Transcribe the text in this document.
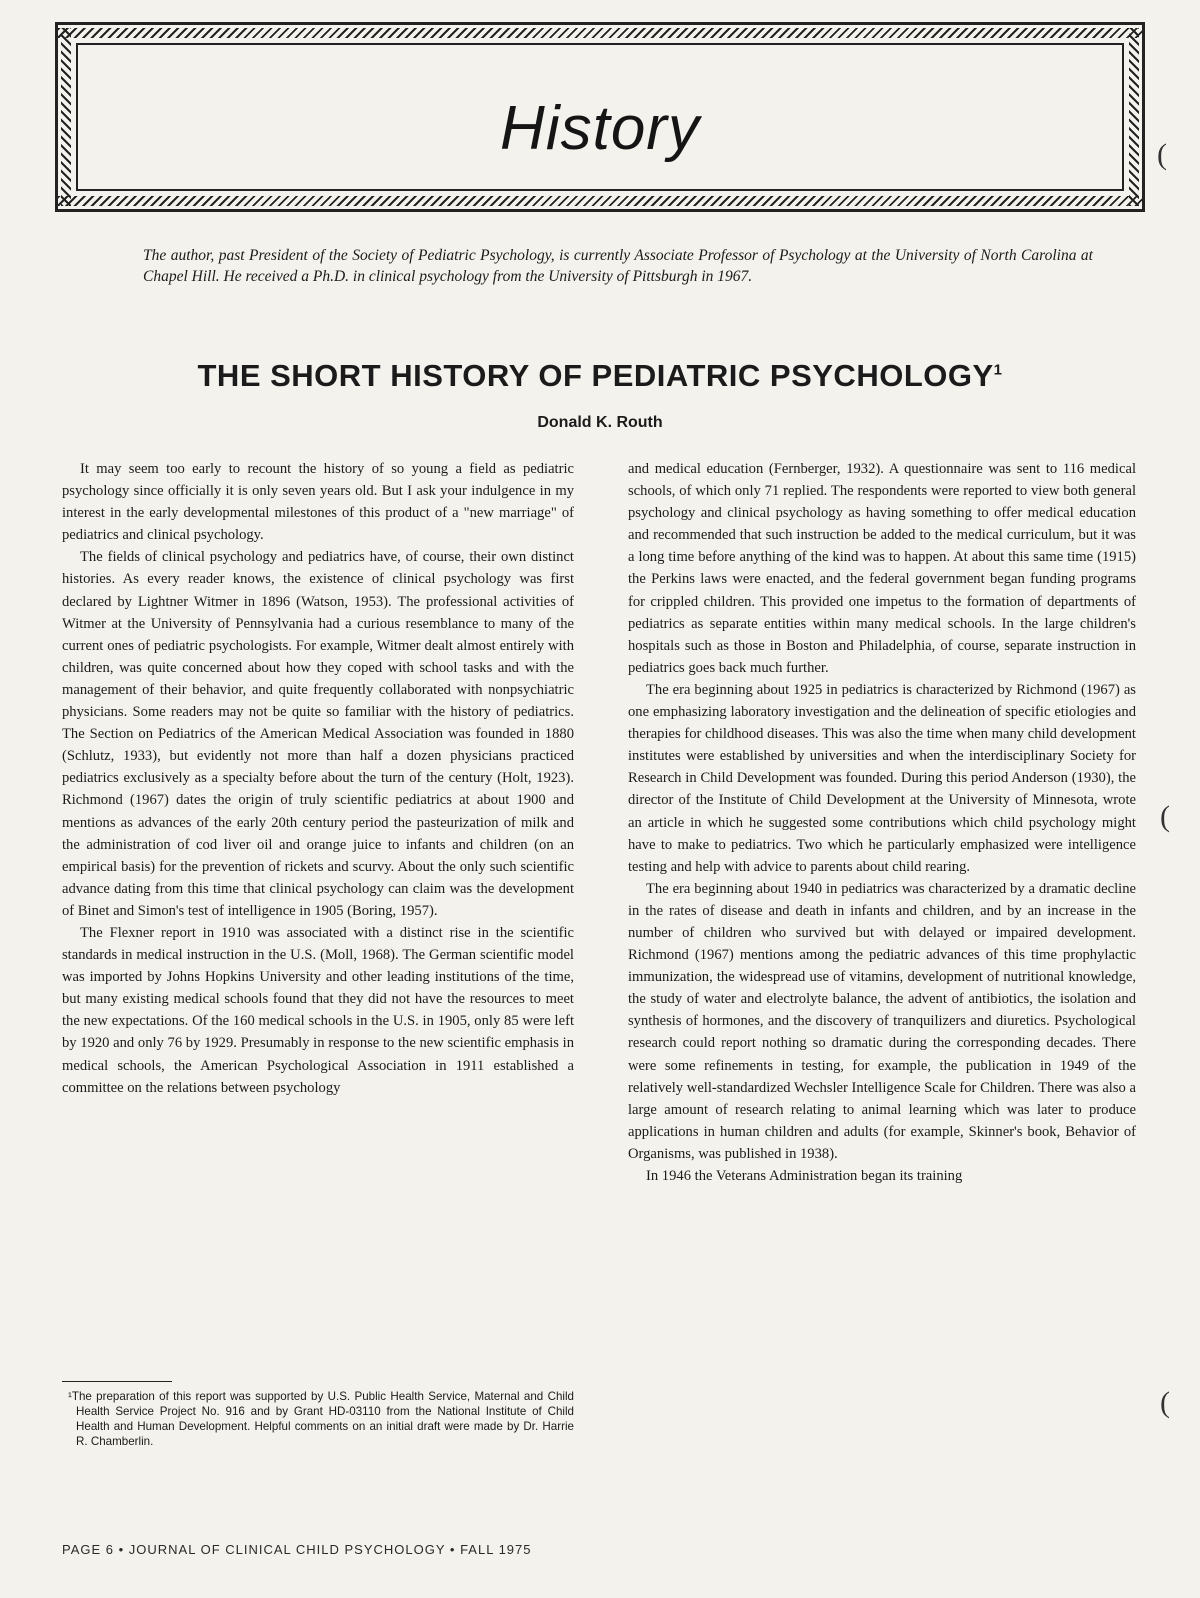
History	(
(
(
The author, past President of the Society of Pediatric Psychology, is currently Associate Professor of Psychology at the University of North Carolina at Chapel Hill. He received a Ph.D. in clinical psychology from the University of Pittsburgh in 1967.
THE SHORT HISTORY OF PEDIATRIC PSYCHOLOGY$^1$
Donald K. Routh

It may seem too early to recount the history of so young a field as pediatric psychology since officially it is only seven years old. But I ask your indulgence in my interest in the early developmental milestones of this product of a "new marriage" of pediatrics and clinical psychology.

The fields of clinical psychology and pediatrics have, of course, their own distinct histories. As every reader knows, the existence of clinical psychology was first declared by Lightner Witmer in 1896 (Watson, 1953). The professional activities of Witmer at the University of Pennsylvania had a curious resemblance to many of the current ones of pediatric psychologists. For example, Witmer dealt almost entirely with children, was quite concerned about how they coped with school tasks and with the management of their behavior, and quite frequently collaborated with nonpsychiatric physicians. Some readers may not be quite so familiar with the history of pediatrics. The Section on Pediatrics of the American Medical Association was founded in 1880 (Schlutz, 1933), but evidently not more than half a dozen physicians practiced pediatrics exclusively as a specialty before about the turn of the century (Holt, 1923). Richmond (1967) dates the origin of truly scientific pediatrics at about 1900 and mentions as advances of the early 20th century period the pasteurization of milk and the administration of cod liver oil and orange juice to infants and children (on an empirical basis) for the prevention of rickets and scurvy. About the only such scientific advance dating from this time that clinical psychology can claim was the development of Binet and Simon's test of intelligence in 1905 (Boring, 1957).

The Flexner report in 1910 was associated with a distinct rise in the scientific standards in medical instruction in the U.S. (Moll, 1968). The German scientific model was imported by Johns Hopkins University and other leading institutions of the time, but many existing medical schools found that they did not have the resources to meet the new expectations. Of the 160 medical schools in the U.S. in 1905, only 85 were left by 1920 and only 76 by 1929. Presumably in response to the new scientific emphasis in medical schools, the American Psychological Association in 1911 established a committee on the relations between psychology

and medical education (Fernberger, 1932). A questionnaire was sent to 116 medical schools, of which only 71 replied. The respondents were reported to view both general psychology and clinical psychology as having something to offer medical education and recommended that such instruction be added to the medical curriculum, but it was a long time before anything of the kind was to happen. At about this same time (1915) the Perkins laws were enacted, and the federal government began funding programs for crippled children. This provided one impetus to the formation of departments of pediatrics as separate entities within many medical schools. In the large children's hospitals such as those in Boston and Philadelphia, of course, separate instruction in pediatrics goes back much further.

The era beginning about 1925 in pediatrics is characterized by Richmond (1967) as one emphasizing laboratory investigation and the delineation of specific etiologies and therapies for childhood diseases. This was also the time when many child development institutes were established by universities and when the interdisciplinary Society for Research in Child Development was founded. During this period Anderson (1930), the director of the Institute of Child Development at the University of Minnesota, wrote an article in which he suggested some contributions which child psychology might have to make to pediatrics. Two which he particularly emphasized were intelligence testing and help with advice to parents about child rearing.

The era beginning about 1940 in pediatrics was characterized by a dramatic decline in the rates of disease and death in infants and children, and by an increase in the number of children who survived but with delayed or impaired development. Richmond (1967) mentions among the pediatric advances of this time prophylactic immunization, the widespread use of vitamins, development of nutritional knowledge, the study of water and electrolyte balance, the advent of antibiotics, the isolation and synthesis of hormones, and the discovery of tranquilizers and diuretics. Psychological research could report nothing so dramatic during the corresponding decades. There were some refinements in testing, for example, the publication in 1949 of the relatively well-standardized Wechsler Intelligence Scale for Children. There was also a large amount of research relating to animal learning which was later to produce applications in human children and adults (for example, Skinner's book, Behavior of Organisms, was published in 1938).

In 1946 the Veterans Administration began its training

¹The preparation of this report was supported by U.S. Public Health Service, Maternal and Child Health Service Project No. 916 and by Grant HD-03110 from the National Institute of Child Health and Human Development. Helpful comments on an initial draft were made by Dr. Harrie R. Chamberlin.
PAGE 6 • JOURNAL OF CLINICAL CHILD PSYCHOLOGY • FALL 1975
